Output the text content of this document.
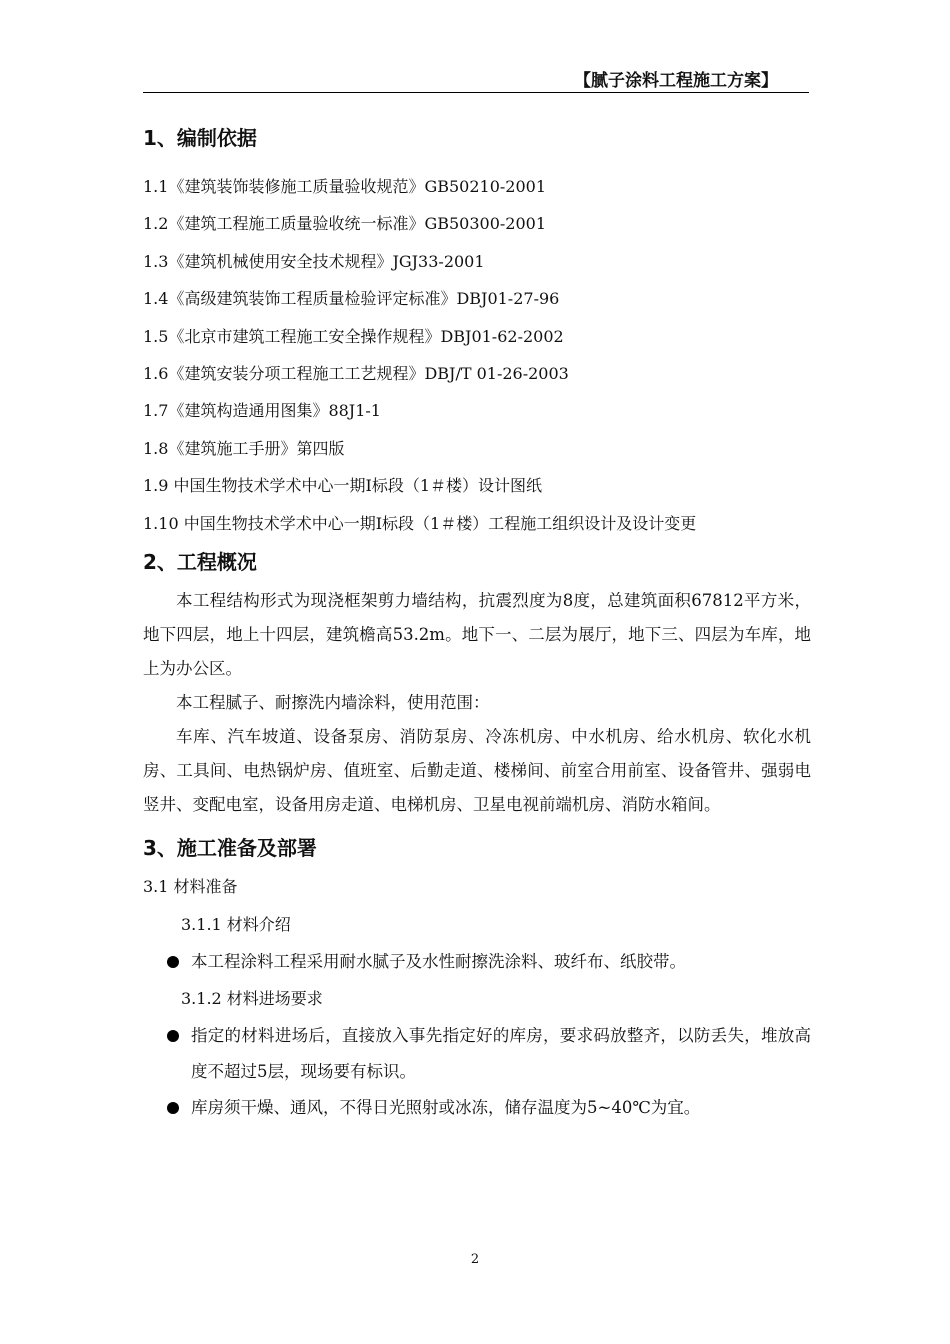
【腻子涂料工程施工方案】
1、编制依据
1.1《建筑装饰装修施工质量验收规范》GB50210-2001
1.2《建筑工程施工质量验收统一标准》GB50300-2001
1.3《建筑机械使用安全技术规程》JGJ33-2001
1.4《高级建筑装饰工程质量检验评定标准》DBJ01-27-96
1.5《北京市建筑工程施工安全操作规程》DBJ01-62-2002
1.6《建筑安装分项工程施工工艺规程》DBJ/T 01-26-2003
1.7《建筑构造通用图集》88J1-1
1.8《建筑施工手册》第四版
1.9 中国生物技术学术中心一期Ⅰ标段（1＃楼）设计图纸
1.10 中国生物技术学术中心一期Ⅰ标段（1＃楼）工程施工组织设计及设计变更
2、工程概况

本工程结构形式为现浇框架剪力墙结构，抗震烈度为8度，总建筑面积67812平方米，地下四层，地上十四层，建筑檐高53.2m。地下一、二层为展厅，地下三、四层为车库，地上为办公区。

本工程腻子、耐擦洗内墙涂料，使用范围：

车库、汽车坡道、设备泵房、消防泵房、冷冻机房、中水机房、给水机房、软化水机房、工具间、电热锅炉房、值班室、后勤走道、楼梯间、前室合用前室、设备管井、强弱电竖井、变配电室，设备用房走道、电梯机房、卫星电视前端机房、消防水箱间。

3、施工准备及部署
3.1 材料准备
3.1.1 材料介绍
本工程涂料工程采用耐水腻子及水性耐擦洗涂料、玻纤布、纸胶带。
3.1.2 材料进场要求
指定的材料进场后，直接放入事先指定好的库房，要求码放整齐，以防丢失，堆放高度不超过5层，现场要有标识。
库房须干燥、通风，不得日光照射或冰冻，储存温度为5~40℃为宜。
2
